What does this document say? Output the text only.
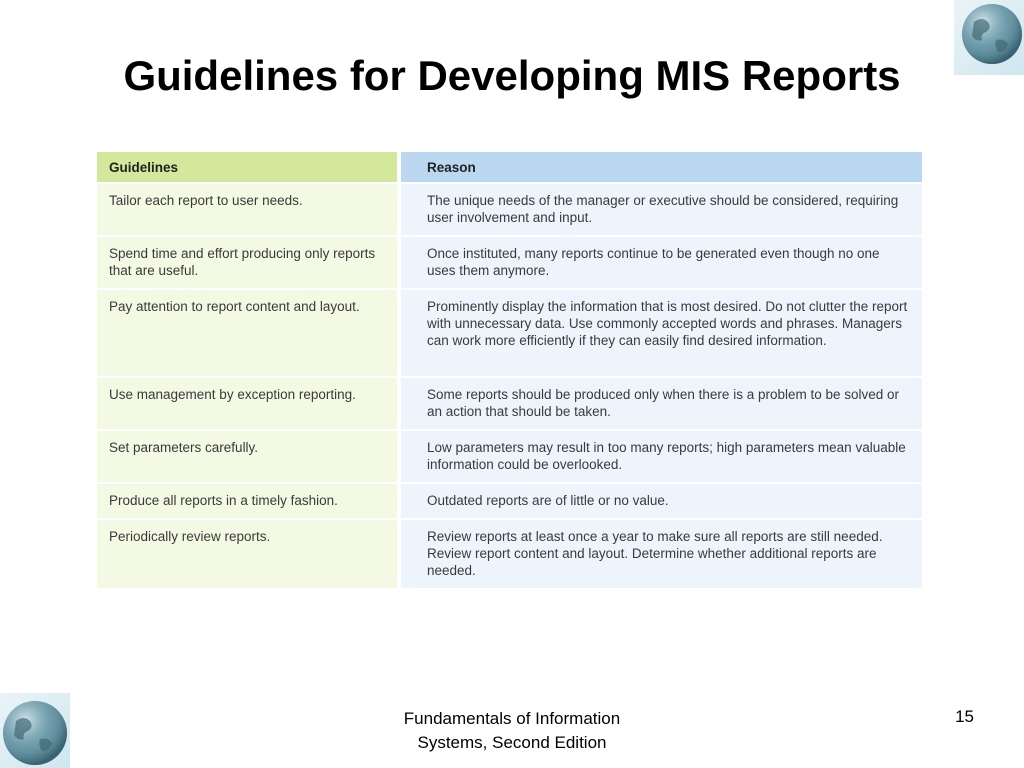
Guidelines for Developing MIS Reports
Guidelines	Reason
Tailor each report to user needs.	The unique needs of the manager or executive should be considered, requiring user involvement and input.
Spend time and effort producing only reports that are useful.	Once instituted, many reports continue to be generated even though no one uses them anymore.
Pay attention to report content and layout.	Prominently display the information that is most desired. Do not clutter the report with unnecessary data. Use commonly accepted words and phrases. Managers can work more efficiently if they can easily find desired information.
Use management by exception reporting.	Some reports should be produced only when there is a problem to be solved or an action that should be taken.
Set parameters carefully.	Low parameters may result in too many reports; high parameters mean valuable information could be overlooked.
Produce all reports in a timely fashion.	Outdated reports are of little or no value.
Periodically review reports.	Review reports at least once a year to make sure all reports are still needed. Review report content and layout. Determine whether additional reports are needed.
Fundamentals of Information
Systems, Second Edition
15
